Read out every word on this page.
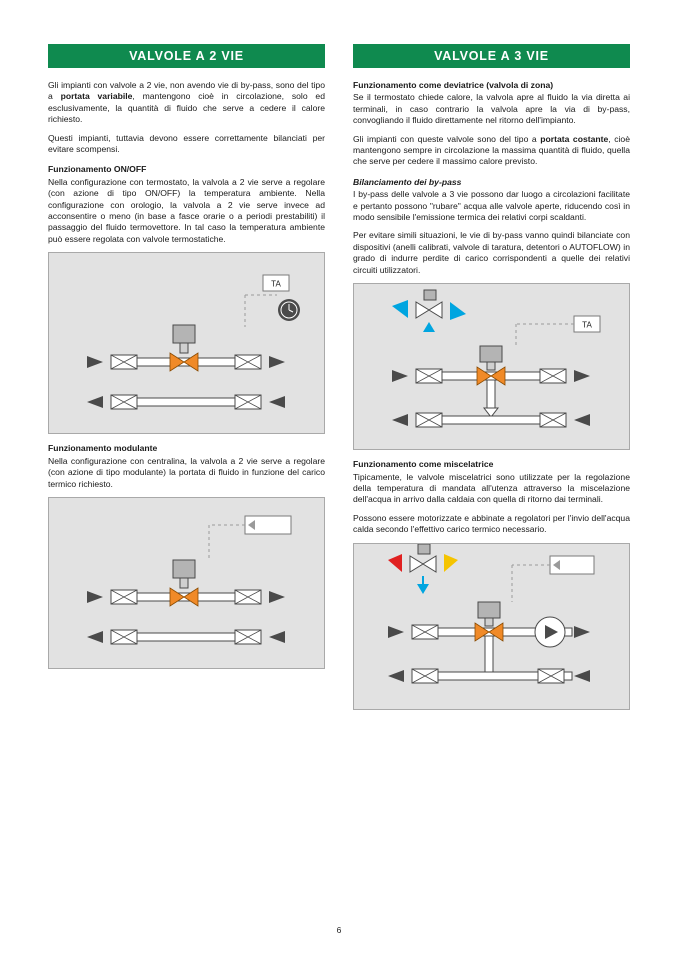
VALVOLE A 2 VIE

Gli impianti con valvole a 2 vie, non avendo vie di by-pass, sono del tipo a portata variabile, mantengono cioè in circolazione, solo ed esclusivamente, la quantità di fluido che serve a cedere il calore richiesto.

Questi impianti, tuttavia devono essere correttamente bilanciati per evitare scompensi.

Funzionamento ON/OFF

Nella configurazione con termostato, la valvola a 2 vie serve a regolare (con azione di tipo ON/OFF) la temperatura ambiente. Nella configurazione con orologio, la valvola a 2 vie serve invece ad acconsentire o meno (in base a fasce orarie o a periodi prestabiliti) il passaggio del fluido termovettore. In tal caso la temperatura ambiente può essere regolata con valvole termostatiche.

TA
Funzionamento modulante

Nella configurazione con centralina, la valvola a 2 vie serve a regolare (con azione di tipo modulante) la portata di fluido in funzione del carico termico richiesto.

VALVOLE A 3 VIE
Funzionamento come deviatrice (valvola di zona)

Se il termostato chiede calore, la valvola apre al fluido la via diretta ai terminali, in caso contrario la valvola apre la via di by-pass, convogliando il fluido direttamente nel ritorno dell'impianto.

Gli impianti con queste valvole sono del tipo a portata costante, cioè mantengono sempre in circolazione la massima quantità di fluido, quella che serve per cedere il massimo calore previsto.

Bilanciamento dei by-pass

I by-pass delle valvole a 3 vie possono dar luogo a circolazioni facilitate e pertanto possono "rubare" acqua alle valvole aperte, riducendo così in modo sensibile l'emissione termica dei relativi corpi scaldanti.

Per evitare simili situazioni, le vie di by-pass vanno quindi bilanciate con dispositivi (anelli calibrati, valvole di taratura, detentori o AUTOFLOW) in grado di indurre perdite di carico corrispondenti a quelle dei relativi circuiti utilizzatori.

TA
Funzionamento come miscelatrice

Tipicamente, le valvole miscelatrici sono utilizzate per la regolazione della temperatura di mandata all'utenza attraverso la miscelazione dell'acqua in arrivo dalla caldaia con quella di ritorno dai terminali.

Possono essere motorizzate e abbinate a regolatori per l'invio dell'acqua calda secondo l'effettivo carico termico necessario.

6
